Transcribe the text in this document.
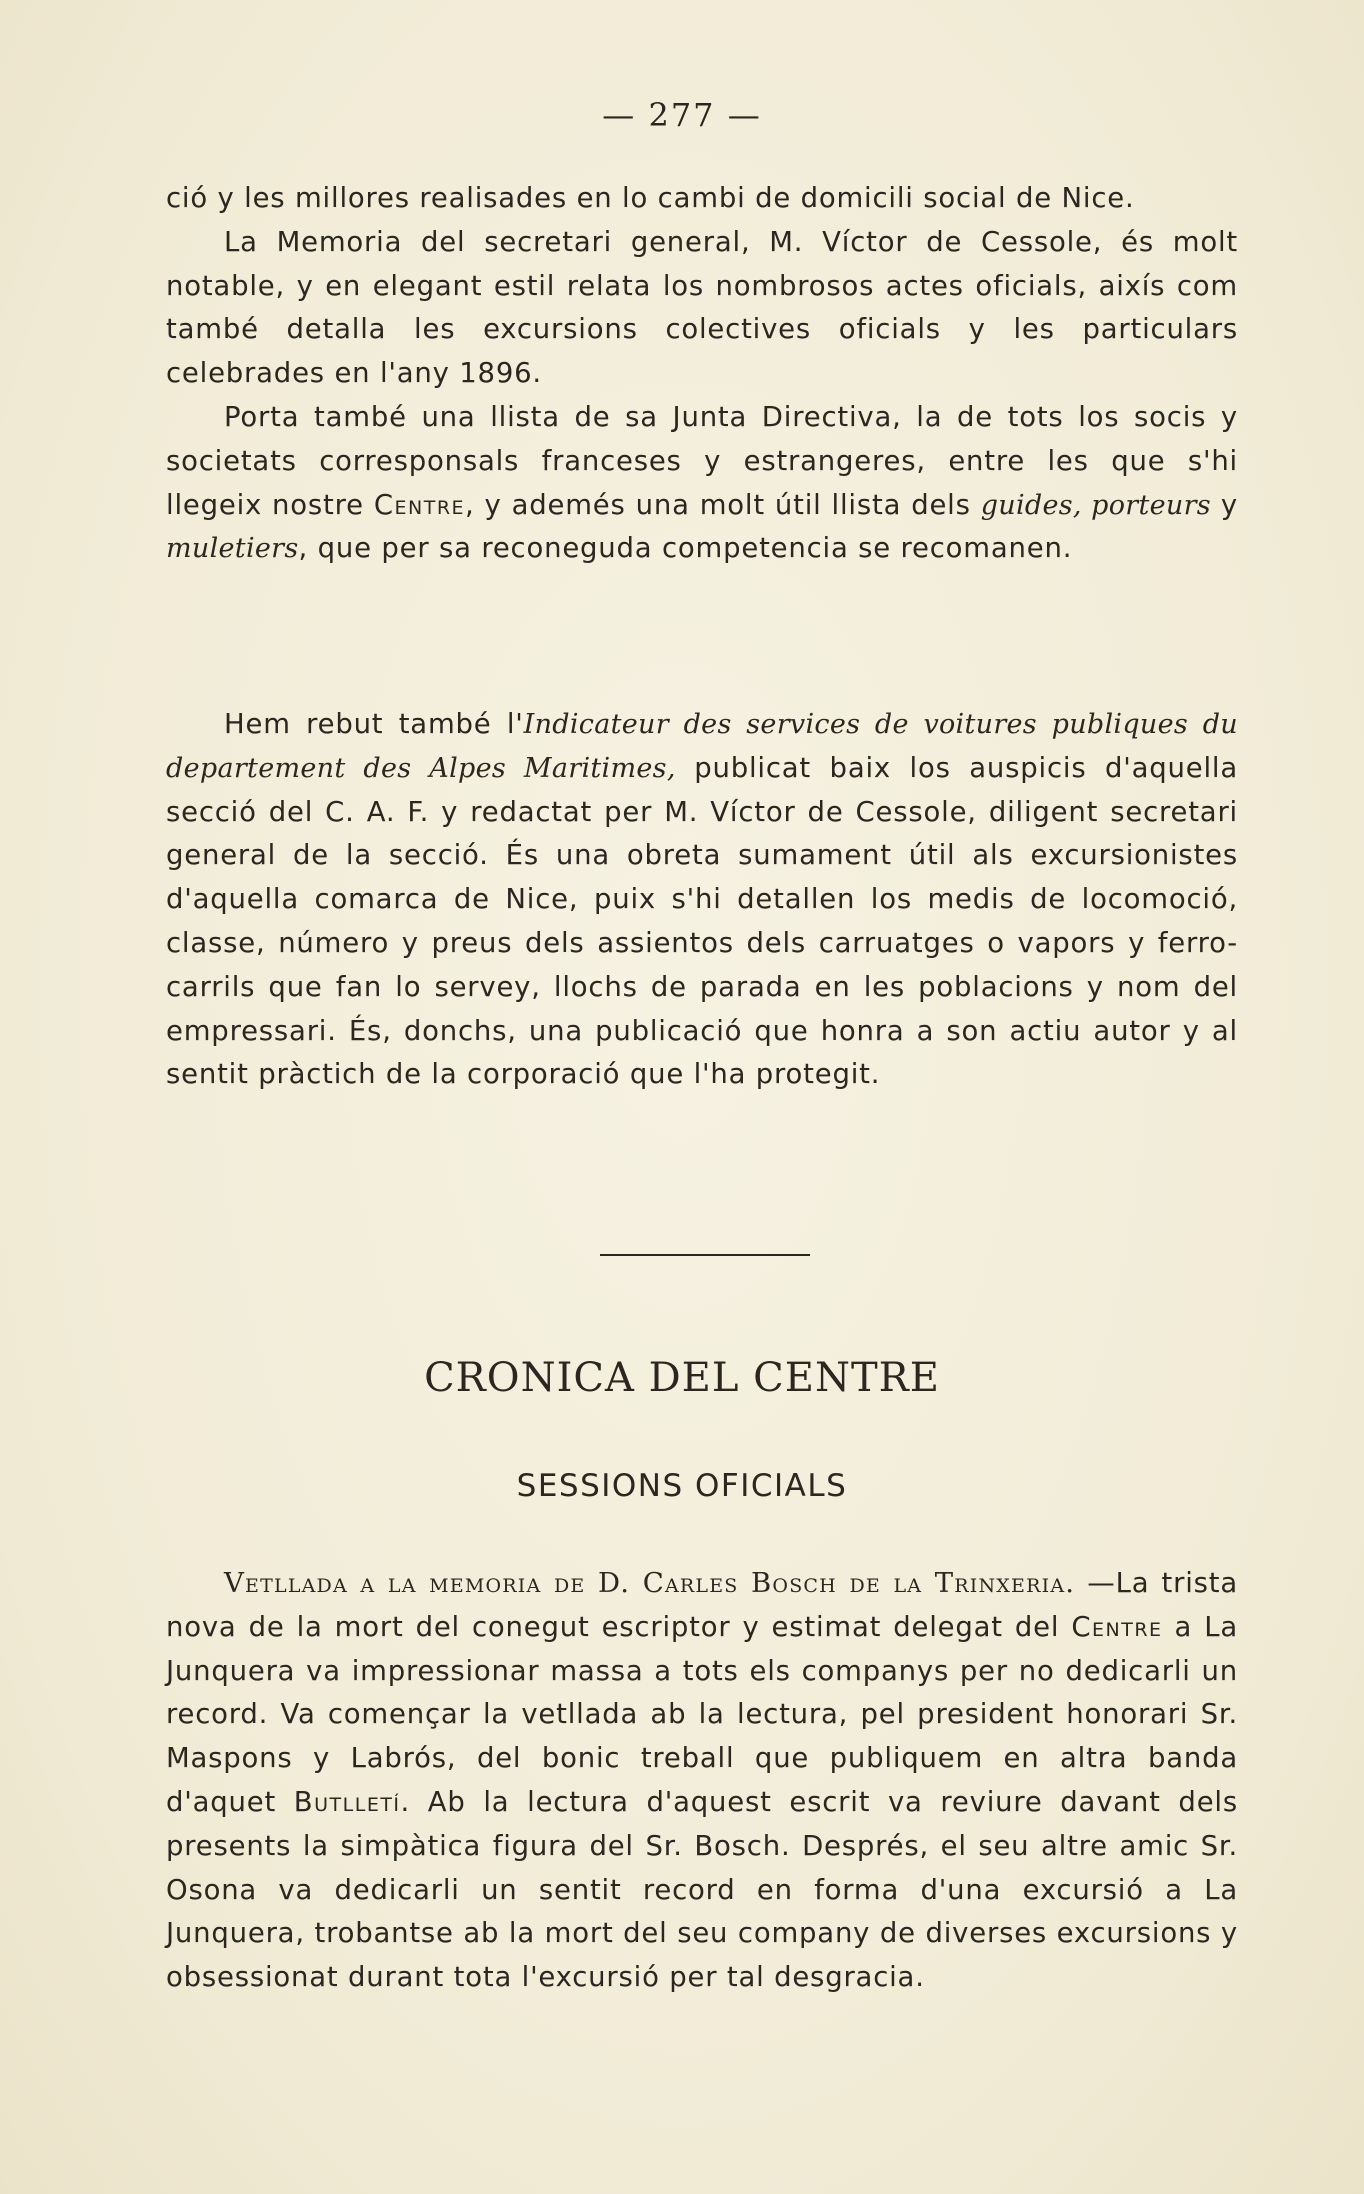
— 277 —

ció y les millores realisades en lo cambi de domicili social de Nice.

La Memoria del secretari general, M. Víctor de Cessole, és molt notable, y en elegant estil relata los nombrosos actes oficials, aixís com també detalla les excursions colectives oficials y les particulars celebrades en l'any 1896.

Porta també una llista de sa Junta Directiva, la de tots los socis y societats corresponsals franceses y estrangeres, entre les que s'hi llegeix nostre Centre, y ademés una molt útil llista dels guides, porteurs y muletiers, que per sa reconeguda competencia se recomanen.

Hem rebut també l'Indicateur des services de voitures publiques du departement des Alpes Maritimes, publicat baix los auspicis d'aquella secció del C. A. F. y redactat per M. Víctor de Cessole, diligent secretari general de la secció. És una obreta sumament útil als excursionistes d'aquella comarca de Nice, puix s'hi detallen los medis de locomoció, classe, número y preus dels assientos dels carruatges o vapors y ferro-carrils que fan lo servey, llochs de parada en les poblacions y nom del empressari. És, donchs, una publicació que honra a son actiu autor y al sentit pràctich de la corporació que l'ha protegit.

CRONICA DEL CENTRE
SESSIONS OFICIALS

Vetllada a la memoria de D. Carles Bosch de la Trinxeria. —La trista nova de la mort del conegut escriptor y estimat delegat del Centre a La Junquera va impressionar massa a tots els companys per no dedicarli un record. Va començar la vetllada ab la lectura, pel president honorari Sr. Maspons y Labrós, del bonic treball que publiquem en altra banda d'aquet Butlletí. Ab la lectura d'aquest escrit va reviure davant dels presents la simpàtica figura del Sr. Bosch. Després, el seu altre amic Sr. Osona va dedicarli un sentit record en forma d'una excursió a La Junquera, trobantse ab la mort del seu company de diverses excursions y obsessionat durant tota l'excursió per tal desgracia.
